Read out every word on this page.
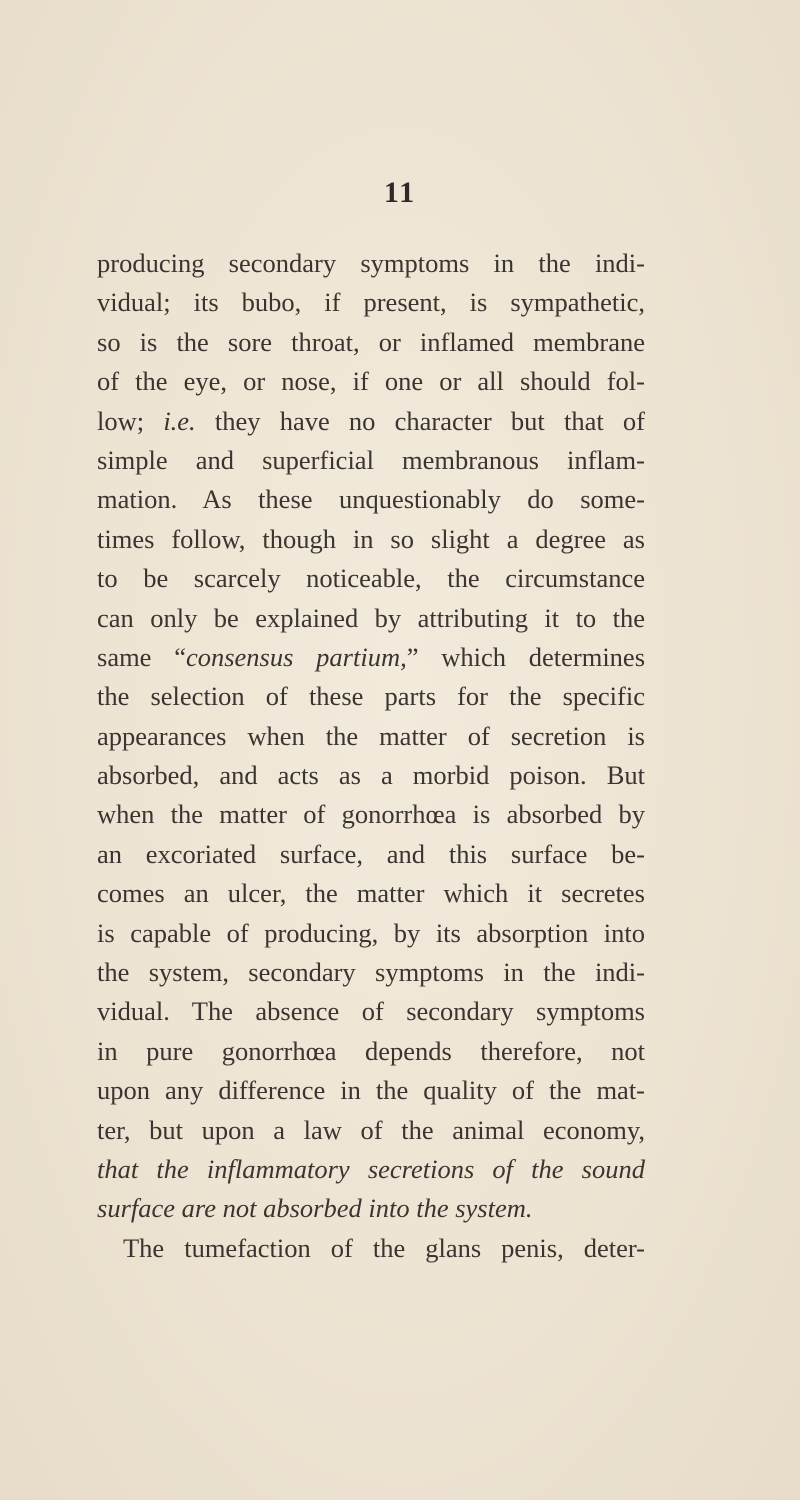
11
producing secondary symptoms in the indi-
vidual; its bubo, if present, is sympathetic,
so is the sore throat, or inflamed membrane
of the eye, or nose, if one or all should fol-
low; i.e. they have no character but that of
simple and superficial membranous inflam-
mation. As these unquestionably do some-
times follow, though in so slight a degree as
to be scarcely noticeable, the circumstance
can only be explained by attributing it to the
same “consensus partium,” which determines
the selection of these parts for the specific
appearances when the matter of secretion is
absorbed, and acts as a morbid poison. But
when the matter of gonorrhœa is absorbed by
an excoriated surface, and this surface be-
comes an ulcer, the matter which it secretes
is capable of producing, by its absorption into
the system, secondary symptoms in the indi-
vidual. The absence of secondary symptoms
in pure gonorrhœa depends therefore, not
upon any difference in the quality of the mat-
ter, but upon a law of the animal economy,
that the inflammatory secretions of the sound
surface are not absorbed into the system.
The tumefaction of the glans penis, deter-
